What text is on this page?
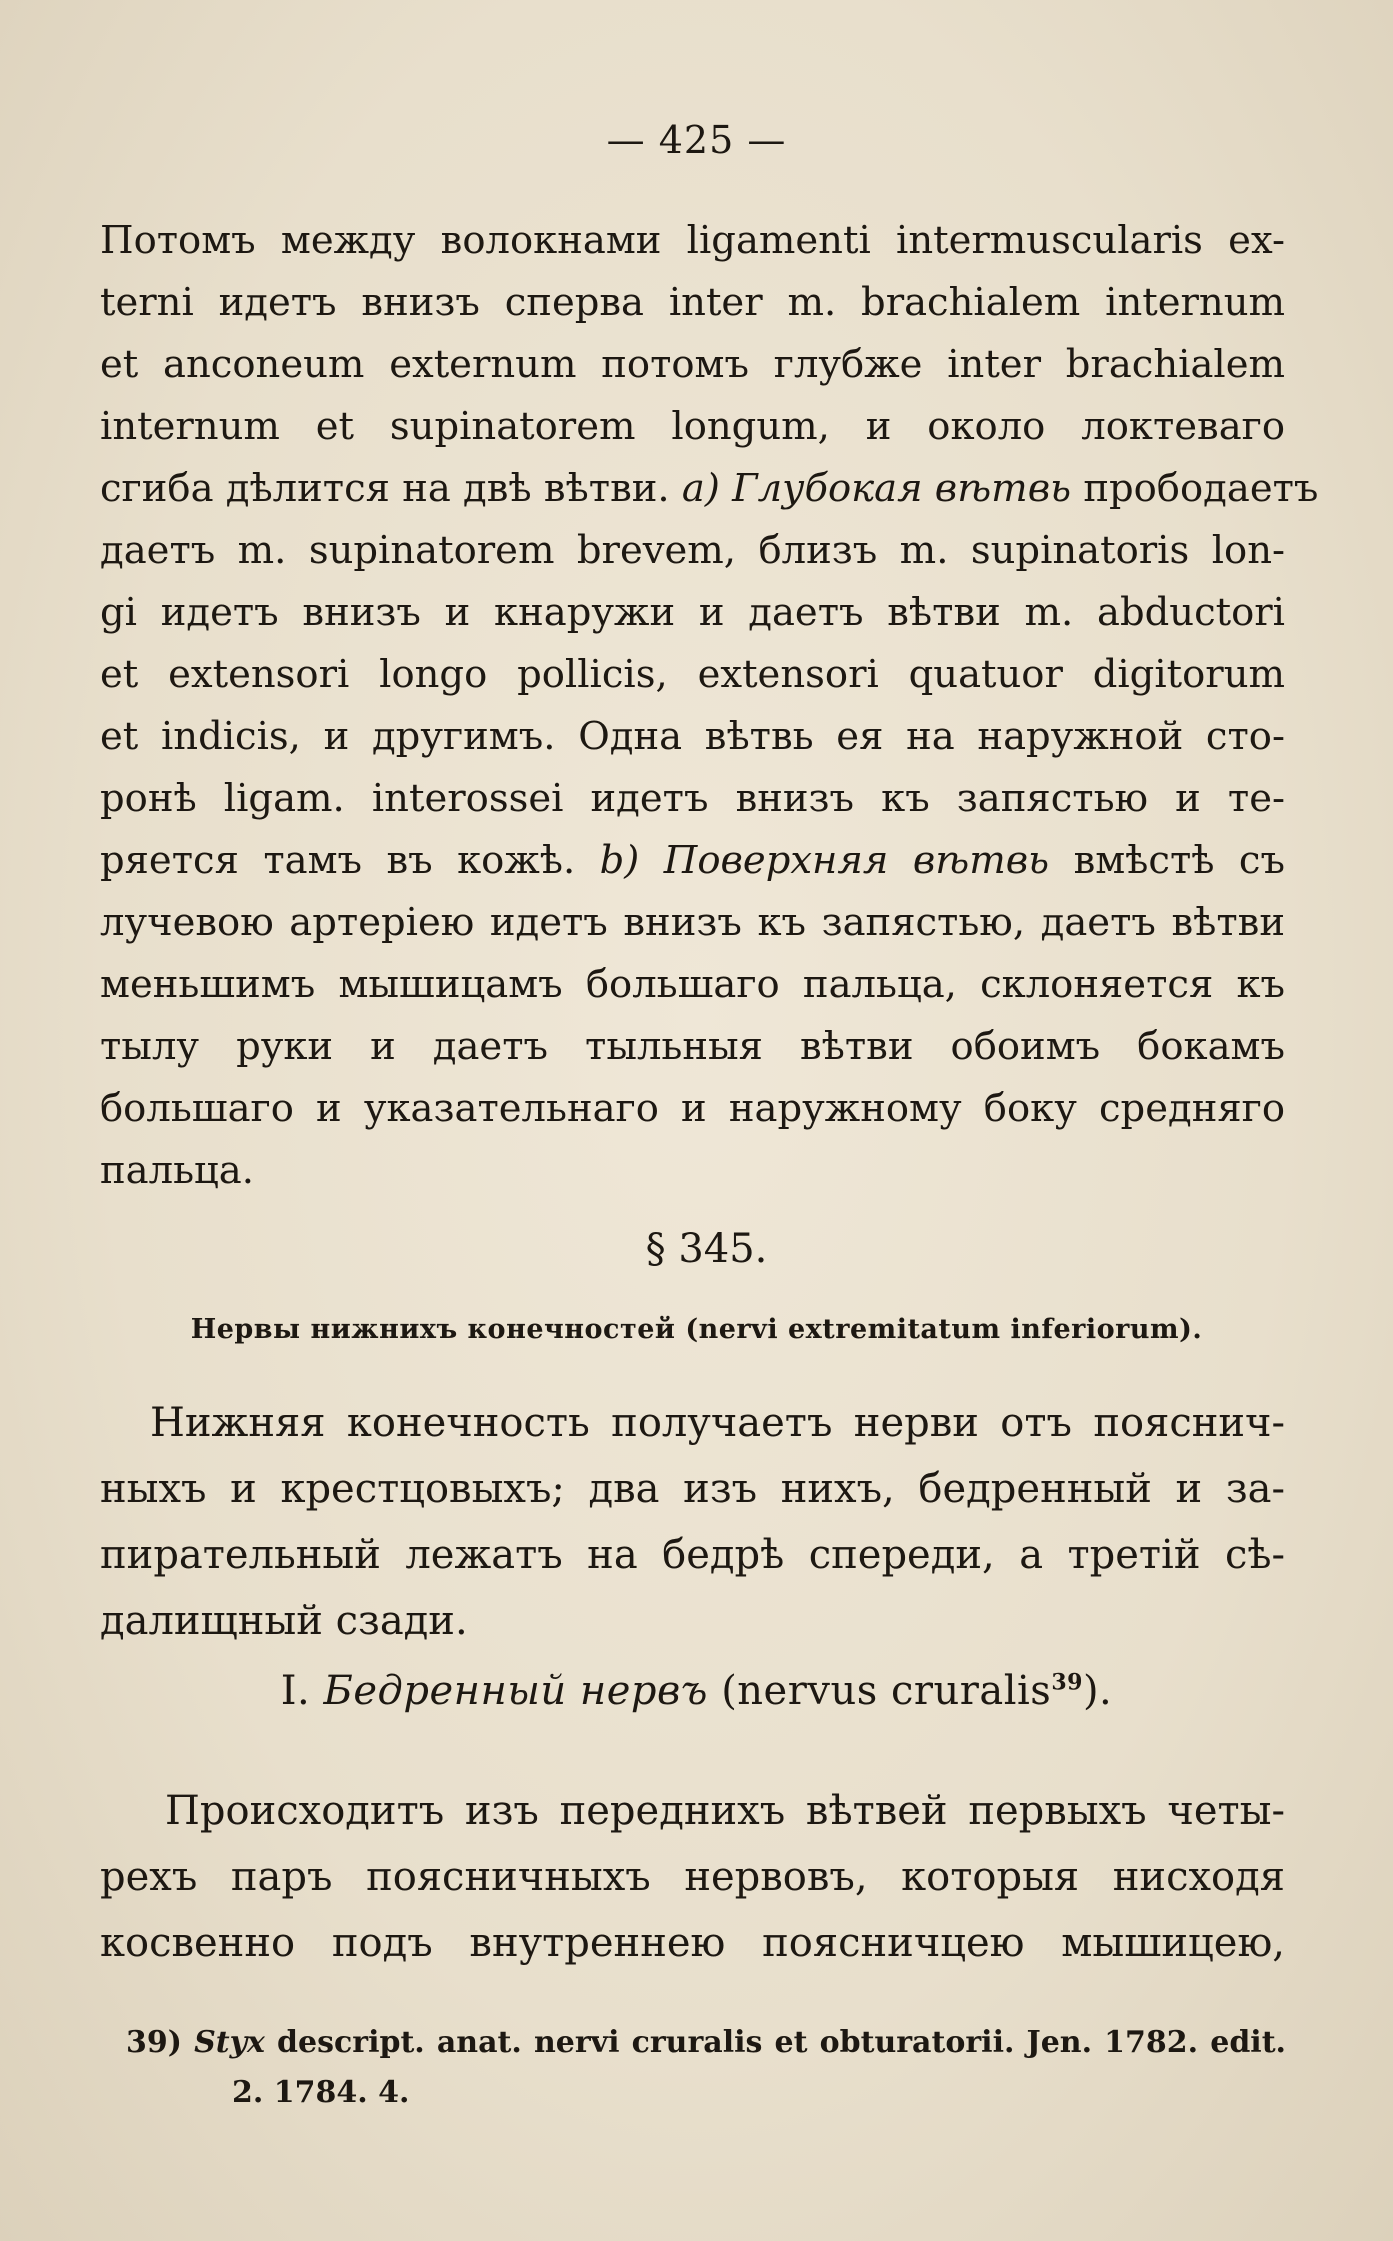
— 425 —
Потомъ между волокнами ligamenti intermuscularis ex-
terni идетъ внизъ сперва inter m. brachialem internum
et anconeum externum потомъ глубже inter brachialem
internum et supinatorem longum, и около локтеваго
сгиба дѣлится на двѣ вѣтви. a) Глубокая вѣтвь прободаетъ
даетъ m. supinatorem brevem, близъ m. supinatoris lon-
gi идетъ внизъ и кнаружи и даетъ вѣтви m. abductori
et extensori longo pollicis, extensori quatuor digitorum
et indicis, и другимъ. Одна вѣтвь ея на наружной сто-
ронѣ ligam. interossei идетъ внизъ къ запястью и те-
ряется тамъ въ кожѣ. b) Поверхняя вѣтвь вмѣстѣ съ
лучевою артеріею идетъ внизъ къ запястью, даетъ вѣтви
меньшимъ мышицамъ большаго пальца, склоняется къ
тылу руки и даетъ тыльныя вѣтви обоимъ бокамъ
большаго и указательнаго и наружному боку средняго
пальца.
§ 345.
Нервы нижнихъ конечностей (nervi extremitatum inferiorum).
Нижняя конечность получаетъ нерви отъ пояснич-
ныхъ и крестцовыхъ; два изъ нихъ, бедренный и за-
пиратeльный лежатъ на бедрѣ спереди, а третій сѣ-
далищный сзади.
I. Бедренный нервъ (nervus cruralis$^{39}$).
Происходитъ изъ переднихъ вѣтвей первыхъ четы-
рехъ паръ поясничныхъ нервовъ, которыя нисходя
косвенно подъ внутреннею поясничцею мышицею,
39) Styx descript. anat. nervi cruralis et obturatorii. Jen. 1782. edit.
2. 1784. 4.
